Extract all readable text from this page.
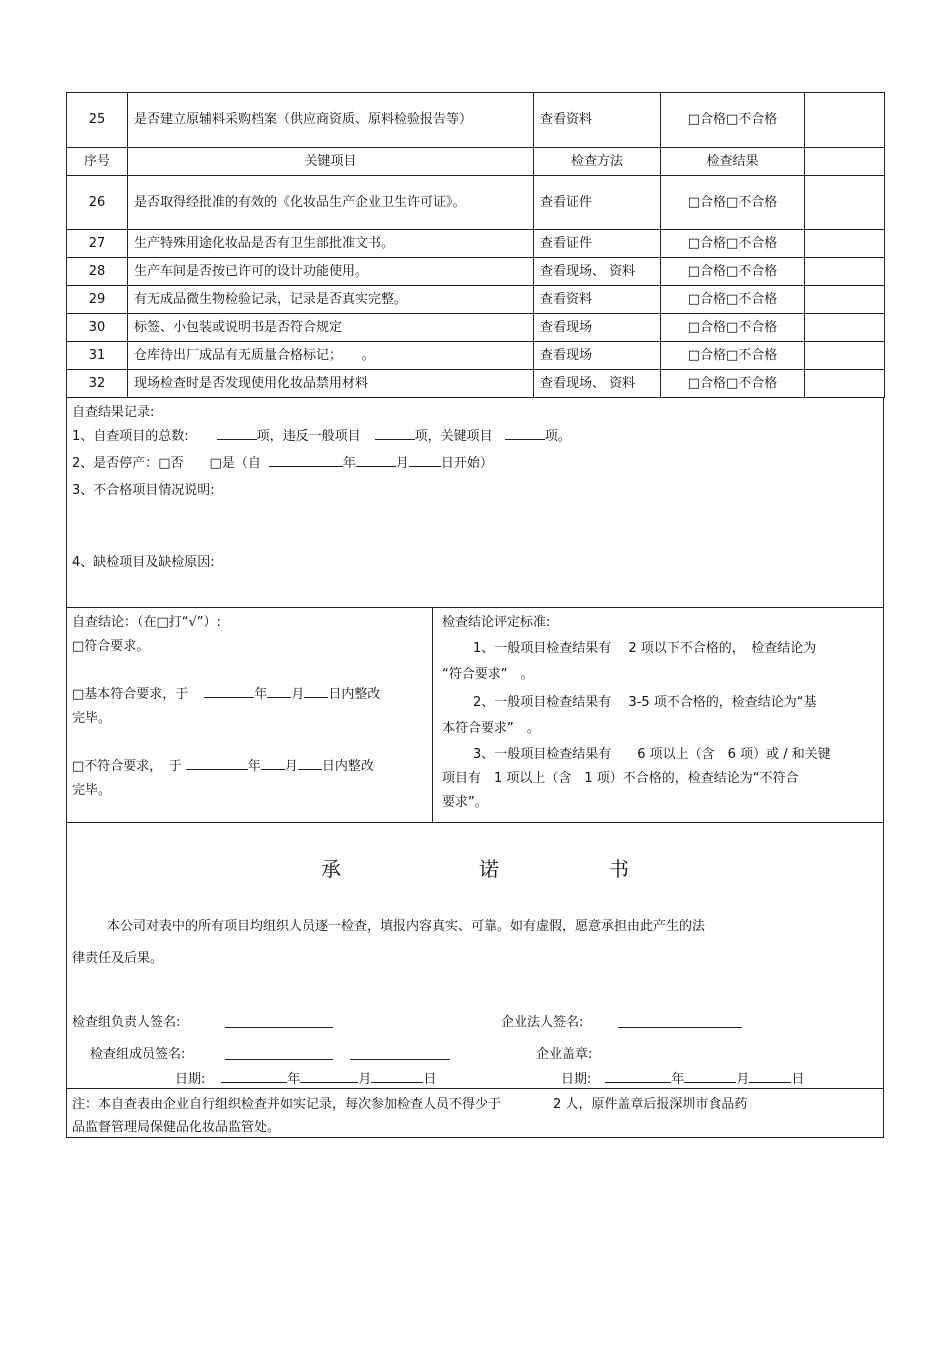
25	是否建立原辅料采购档案（供应商资质、原料检验报告等）	查看资料	□合格□不合格	
序号	关键项目	检查方法	检查结果	
26	是否取得经批准的有效的《化妆品生产企业卫生许可证》。	查看证件	□合格□不合格	
27	生产特殊用途化妆品是否有卫生部批准文书。	查看证件	□合格□不合格	
28	生产车间是否按已许可的设计功能使用。	查看现场、 资料	□合格□不合格	
29	有无成品微生物检验记录，记录是否真实完整。	查看资料	□合格□不合格	
30	标签、小包装或说明书是否符合规定	查看现场	□合格□不合格	
31	仓库待出厂成品有无质量合格标记；　　。	查看现场	□合格□不合格	
32	现场检查时是否发现使用化妆品禁用材料	查看现场、 资料	□合格□不合格	
自查结果记录:
1、自查项目的总数:	项，违反一般项目	项，关键项目	项。
2、是否停产：□否　　□是（自	年	月 日开始）
3、不合格项目情况说明:
4、缺检项目及缺检原因:
自查结论：（在□打“√”）:
□符合要求。
□基本符合要求，于	年 月 日内整改
完毕。
□不符合要求，　于	年 月 日内整改
完毕。
检查结论评定标准:
1、一般项目检查结果有　 2 项以下不合格的，　检查结论为
“符合要求”　。
2、一般项目检查结果有　 3-5 项不合格的，检查结论为“基
本符合要求”　。
3、一般项目检查结果有　　6 项以上（含　6 项）或 / 和关键
项目有　1 项以上（含　1 项）不合格的，检查结论为“不符合
要求”。
承	诺	书
本公司对表中的所有项目均组织人员逐一检查，填报内容真实、可靠。如有虚假，愿意承担由此产生的法
律责任及后果。
检查组负责人签名:	企业法人签名:
检查组成员签名:	企业盖章:
日期:	年	月	日	日期:	年	月	日
注：本自查表由企业自行组织检查并如实记录，每次参加检查人员不得少于　　　　2 人，原件盖章后报深圳市食品药
品监督管理局保健品化妆品监管处。
